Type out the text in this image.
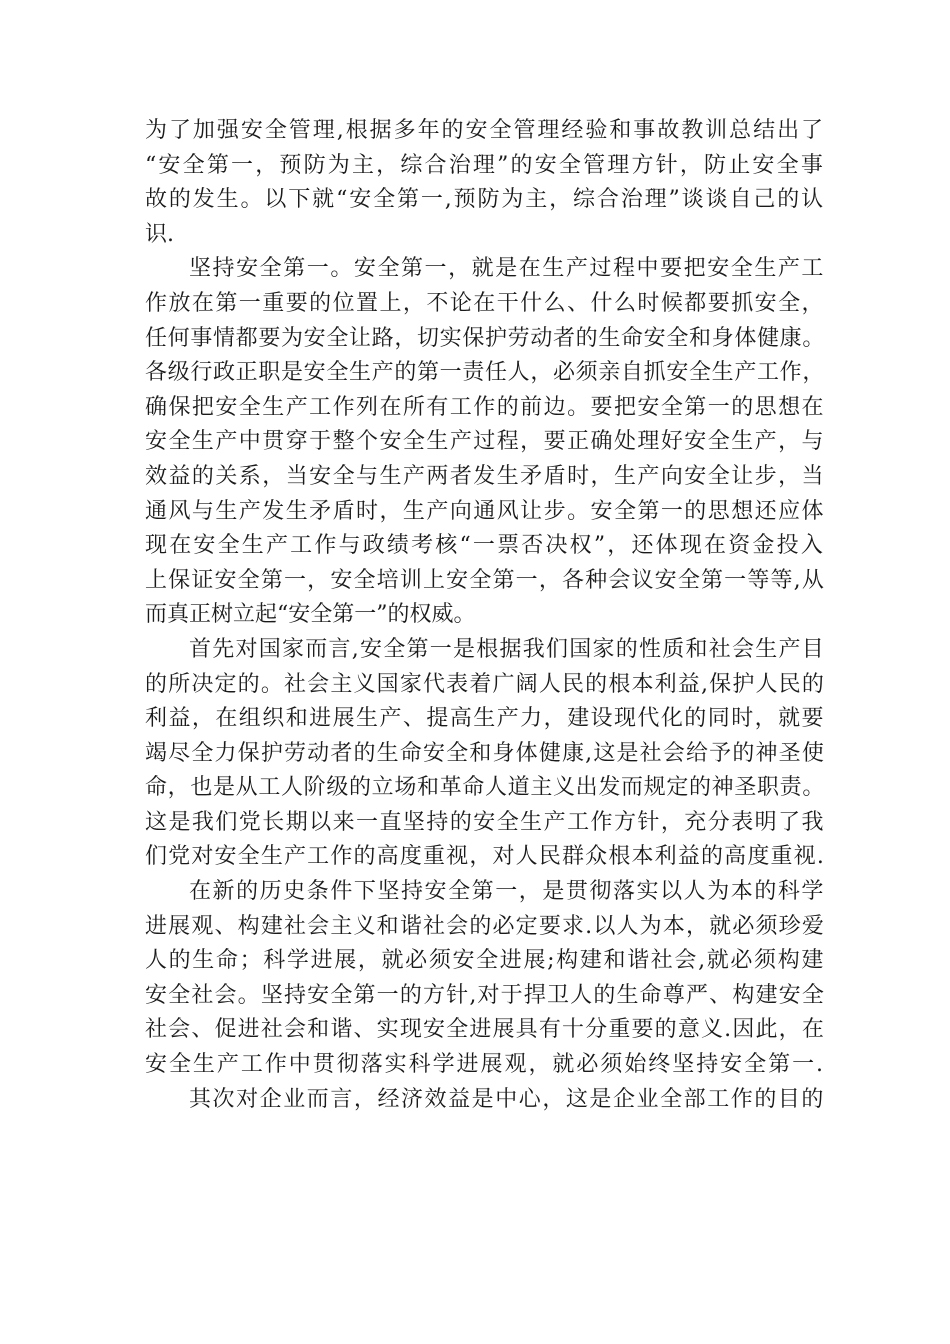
为了加强安全管理,根据多年的安全管理经验和事故教训总结出了
“安全第一，预防为主，综合治理”的安全管理方针，防止安全事
故的发生。以下就“安全第一,预防为主，综合治理”谈谈自己的认
识.
坚持安全第一。安全第一，就是在生产过程中要把安全生产工
作放在第一重要的位置上，不论在干什么、什么时候都要抓安全，
任何事情都要为安全让路，切实保护劳动者的生命安全和身体健康。
各级行政正职是安全生产的第一责任人，必须亲自抓安全生产工作，
确保把安全生产工作列在所有工作的前边。要把安全第一的思想在
安全生产中贯穿于整个安全生产过程，要正确处理好安全生产，与
效益的关系，当安全与生产两者发生矛盾时，生产向安全让步，当
通风与生产发生矛盾时，生产向通风让步。安全第一的思想还应体
现在安全生产工作与政绩考核“一票否决权”，还体现在资金投入
上保证安全第一，安全培训上安全第一，各种会议安全第一等等,从
而真正树立起“安全第一”的权威。
首先对国家而言,安全第一是根据我们国家的性质和社会生产目
的所决定的。社会主义国家代表着广阔人民的根本利益,保护人民的
利益，在组织和进展生产、提高生产力，建设现代化的同时，就要
竭尽全力保护劳动者的生命安全和身体健康,这是社会给予的神圣使
命，也是从工人阶级的立场和革命人道主义出发而规定的神圣职责。
这是我们党长期以来一直坚持的安全生产工作方针，充分表明了我
们党对安全生产工作的高度重视，对人民群众根本利益的高度重视.
在新的历史条件下坚持安全第一，是贯彻落实以人为本的科学
进展观、构建社会主义和谐社会的必定要求.以人为本，就必须珍爱
人的生命；科学进展，就必须安全进展;构建和谐社会,就必须构建
安全社会。坚持安全第一的方针,对于捍卫人的生命尊严、构建安全
社会、促进社会和谐、实现安全进展具有十分重要的意义.因此，在
安全生产工作中贯彻落实科学进展观，就必须始终坚持安全第一.
其次对企业而言，经济效益是中心，这是企业全部工作的目的
